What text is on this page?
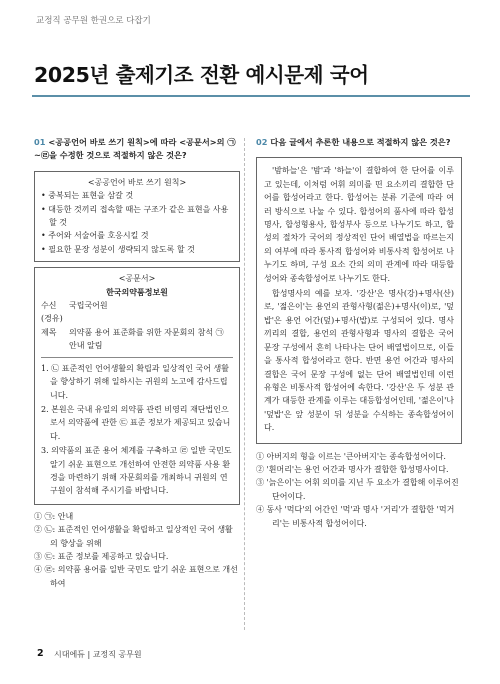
교정직 공무원 한권으로 다잡기
2025년 출제기조 전환 예시문제 국어
01 <공공언어 바로 쓰기 원칙>에 따라 <공문서>의 ㉠ ~㉣을 수정한 것으로 적절하지 않은 것은?
<공공언어 바로 쓰기 원칙>
• 중복되는 표현을 삼갈 것
• 대등한 것끼리 접속할 때는 구조가 같은 표현을 사용할 것
• 주어와 서술어를 호응시킬 것
• 필요한 문장 성분이 생략되지 않도록 할 것
<공문서>
한국의약품정보원
수신	국립국어원
(경유)
제목	의약품 용어 표준화를 위한 자문회의 참석 ㉠ 안내 알림
1. ㉡ 표준적인 언어생활의 확립과 일상적인 국어 생활을 향상하기 위해 일하시는 귀원의 노고에 감사드립니다.
2. 본원은 국내 유일의 의약품 관련 비영리 재단법인으로서 의약품에 관한 ㉢ 표준 정보가 제공되고 있습니다.
3. 의약품의 표준 용어 체계를 구축하고 ㉣ 일반 국민도 알기 쉬운 표현으로 개선하여 안전한 의약품 사용 환경을 마련하기 위해 자문회의를 개최하니 귀원의 연구원이 참석해 주시기를 바랍니다.
① ㉠: 안내
② ㉡: 표준적인 언어생활을 확립하고 일상적인 국어 생활의 향상을 위해
③ ㉢: 표준 정보를 제공하고 있습니다.
④ ㉣: 의약품 용어를 일반 국민도 알기 쉬운 표현으로 개선하여
02 다음 글에서 추론한 내용으로 적절하지 않은 것은?

'밤하늘'은 '밤'과 '하늘'이 결합하여 한 단어를 이루고 있는데, 이처럼 어휘 의미를 띤 요소끼리 결합한 단어를 합성어라고 한다. 합성어는 분류 기준에 따라 여러 방식으로 나눌 수 있다. 합성어의 품사에 따라 합성명사, 합성형용사, 합성부사 등으로 나누기도 하고, 합성의 절차가 국어의 정상적인 단어 배열법을 따르는지의 여부에 따라 통사적 합성어와 비통사적 합성어로 나누기도 하며, 구성 요소 간의 의미 관계에 따라 대등합성어와 종속합성어로 나누기도 한다.

합성명사의 예를 보자. '강산'은 명사(강)+명사(산)로, '젊은이'는 용언의 관형사형(젊은)+명사(이)로, '덮밥'은 용언 어간(덮)+명사(밥)로 구성되어 있다. 명사끼리의 결합, 용언의 관형사형과 명사의 결합은 국어 문장 구성에서 흔히 나타나는 단어 배열법이므로, 이들을 통사적 합성어라고 한다. 반면 용언 어간과 명사의 결합은 국어 문장 구성에 없는 단어 배열법인데 이런 유형은 비통사적 합성어에 속한다. '강산'은 두 성분 관계가 대등한 관계를 이루는 대등합성어인데, '젊은이'나 '덮밥'은 앞 성분이 뒤 성분을 수식하는 종속합성어이다.

① 아버지의 형을 이르는 '큰아버지'는 종속합성어이다.
② '흰머리'는 용언 어간과 명사가 결합한 합성명사이다.
③ '늙은이'는 어휘 의미를 지닌 두 요소가 결합해 이루어진 단어이다.
④ 동사 '먹다'의 어간인 '먹'과 명사 '거리'가 결합한 '먹거리'는 비통사적 합성어이다.
2 시대에듀 | 교정직 공무원
